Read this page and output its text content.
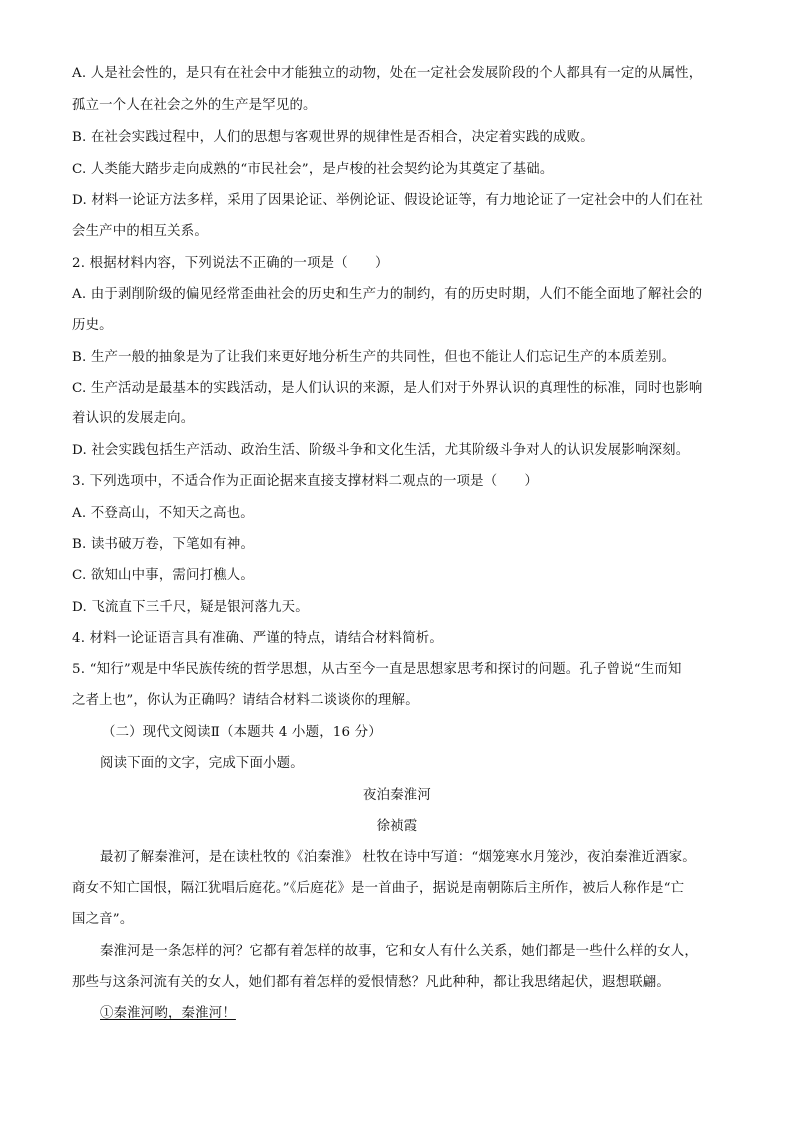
A. 人是社会性的，是只有在社会中才能独立的动物，处在一定社会发展阶段的个人都具有一定的从属性，
孤立一个人在社会之外的生产是罕见的。
B. 在社会实践过程中，人们的思想与客观世界的规律性是否相合，决定着实践的成败。
C. 人类能大踏步走向成熟的“市民社会”，是卢梭的社会契约论为其奠定了基础。
D. 材料一论证方法多样，采用了因果论证、举例论证、假设论证等，有力地论证了一定社会中的人们在社
会生产中的相互关系。
2. 根据材料内容，下列说法不正确的一项是（　　）
A. 由于剥削阶级的偏见经常歪曲社会的历史和生产力的制约，有的历史时期，人们不能全面地了解社会的
历史。
B. 生产一般的抽象是为了让我们来更好地分析生产的共同性，但也不能让人们忘记生产的本质差别。
C. 生产活动是最基本的实践活动，是人们认识的来源，是人们对于外界认识的真理性的标准，同时也影响
着认识的发展走向。
D. 社会实践包括生产活动、政治生活、阶级斗争和文化生活，尤其阶级斗争对人的认识发展影响深刻。
3. 下列选项中，不适合作为正面论据来直接支撑材料二观点的一项是（　　）
A. 不登高山，不知天之高也。
B. 读书破万卷，下笔如有神。
C. 欲知山中事，需问打樵人。
D. 飞流直下三千尺，疑是银河落九天。
4. 材料一论证语言具有准确、严谨的特点，请结合材料简析。
5. “知行”观是中华民族传统的哲学思想，从古至今一直是思想家思考和探讨的问题。孔子曾说“生而知
之者上也”，你认为正确吗？请结合材料二谈谈你的理解。
（二）现代文阅读Ⅱ（本题共 4 小题，16 分）
阅读下面的文字，完成下面小题。
夜泊秦淮河
徐祯霞
最初了解秦淮河，是在读杜牧的《泊秦淮》 杜牧在诗中写道：“烟笼寒水月笼沙，夜泊秦淮近酒家。
商女不知亡国恨，隔江犹唱后庭花。”《后庭花》是一首曲子，据说是南朝陈后主所作，被后人称作是“亡
国之音”。
秦淮河是一条怎样的河？它都有着怎样的故事，它和女人有什么关系，她们都是一些什么样的女人，
那些与这条河流有关的女人，她们都有着怎样的爱恨情愁？凡此种种，都让我思绪起伏，遐想联翩。
①秦淮河哟，秦淮河！
